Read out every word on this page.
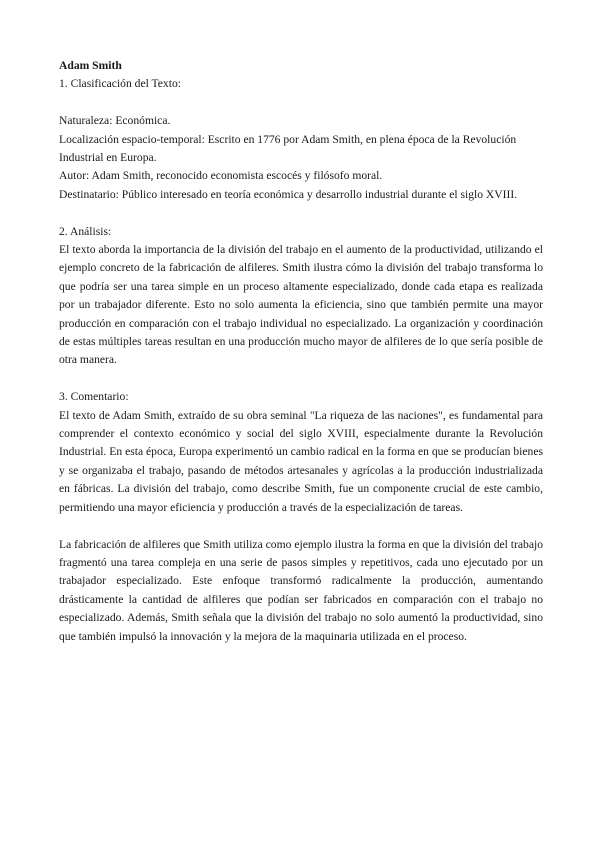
Adam Smith

1. Clasificación del Texto:

Naturaleza: Económica.

Localización espacio-temporal: Escrito en 1776 por Adam Smith, en plena época de la Revolución Industrial en Europa.

Autor: Adam Smith, reconocido economista escocés y filósofo moral.

Destinatario: Público interesado en teoría económica y desarrollo industrial durante el siglo XVIII.

2. Análisis:

El texto aborda la importancia de la división del trabajo en el aumento de la productividad, utilizando el ejemplo concreto de la fabricación de alfileres. Smith ilustra cómo la división del trabajo transforma lo que podría ser una tarea simple en un proceso altamente especializado, donde cada etapa es realizada por un trabajador diferente. Esto no solo aumenta la eficiencia, sino que también permite una mayor producción en comparación con el trabajo individual no especializado. La organización y coordinación de estas múltiples tareas resultan en una producción mucho mayor de alfileres de lo que sería posible de otra manera.

3. Comentario:

El texto de Adam Smith, extraído de su obra seminal "La riqueza de las naciones", es fundamental para comprender el contexto económico y social del siglo XVIII, especialmente durante la Revolución Industrial. En esta época, Europa experimentó un cambio radical en la forma en que se producían bienes y se organizaba el trabajo, pasando de métodos artesanales y agrícolas a la producción industrializada en fábricas. La división del trabajo, como describe Smith, fue un componente crucial de este cambio, permitiendo una mayor eficiencia y producción a través de la especialización de tareas.

La fabricación de alfileres que Smith utiliza como ejemplo ilustra la forma en que la división del trabajo fragmentó una tarea compleja en una serie de pasos simples y repetitivos, cada uno ejecutado por un trabajador especializado. Este enfoque transformó radicalmente la producción, aumentando drásticamente la cantidad de alfileres que podían ser fabricados en comparación con el trabajo no especializado. Además, Smith señala que la división del trabajo no solo aumentó la productividad, sino que también impulsó la innovación y la mejora de la maquinaria utilizada en el proceso.
